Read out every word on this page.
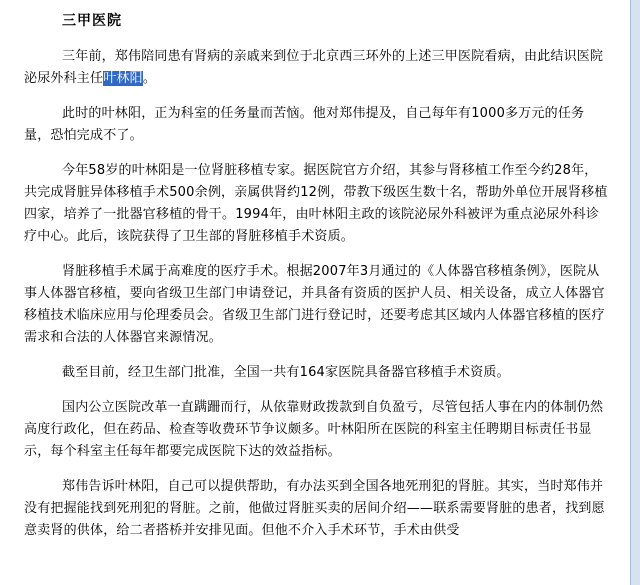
三甲医院

三年前，郑伟陪同患有肾病的亲戚来到位于北京西三环外的上述三甲医院看病，由此结识医院泌尿外科主任叶林阳。

此时的叶林阳，正为科室的任务量而苦恼。他对郑伟提及，自己每年有1000多万元的任务量，恐怕完成不了。

今年58岁的叶林阳是一位肾脏移植专家。据医院官方介绍，其参与肾移植工作至今约28年，共完成肾脏异体移植手术500余例，亲属供肾约12例，带教下级医生数十名，帮助外单位开展肾移植四家，培养了一批器官移植的骨干。1994年，由叶林阳主政的该院泌尿外科被评为重点泌尿外科诊疗中心。此后，该院获得了卫生部的肾脏移植手术资质。

肾脏移植手术属于高难度的医疗手术。根据2007年3月通过的《人体器官移植条例》，医院从事人体器官移植，要向省级卫生部门申请登记，并具备有资质的医护人员、相关设备，成立人体器官移植技术临床应用与伦理委员会。省级卫生部门进行登记时，还要考虑其区域内人体器官移植的医疗需求和合法的人体器官来源情况。

截至目前，经卫生部门批准，全国一共有164家医院具备器官移植手术资质。

国内公立医院改革一直蹒跚而行，从依靠财政拨款到自负盈亏，尽管包括人事在内的体制仍然高度行政化，但在药品、检查等收费环节争议颇多。叶林阳所在医院的科室主任聘期目标责任书显示，每个科室主任每年都要完成医院下达的效益指标。

郑伟告诉叶林阳，自己可以提供帮助，有办法买到全国各地死刑犯的肾脏。其实，当时郑伟并没有把握能找到死刑犯的肾脏。之前，他做过肾脏买卖的居间介绍——联系需要肾脏的患者，找到愿意卖肾的供体，给二者搭桥并安排见面。但他不介入手术环节，手术由供受
